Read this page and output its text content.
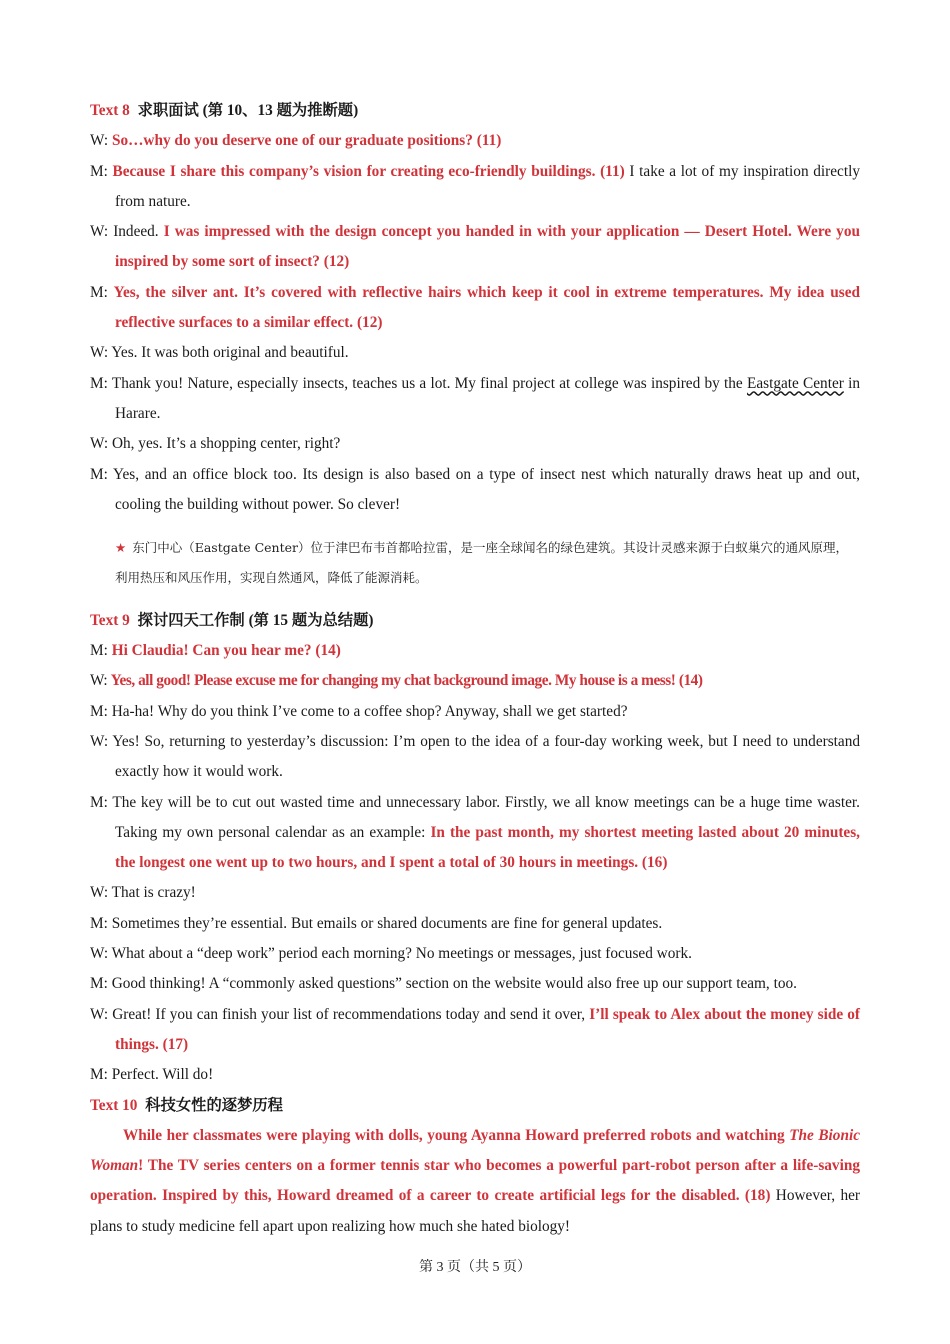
Text 8 求职面试 (第 10、13 题为推断题)

W: So…why do you deserve one of our graduate positions? (11)

M: Because I share this company’s vision for creating eco-friendly buildings. (11) I take a lot of my inspiration directly from nature.

W: Indeed. I was impressed with the design concept you handed in with your application — Desert Hotel. Were you inspired by some sort of insect? (12)

M: Yes, the silver ant. It’s covered with reflective hairs which keep it cool in extreme temperatures. My idea used reflective surfaces to a similar effect. (12)

W: Yes. It was both original and beautiful.

M: Thank you! Nature, especially insects, teaches us a lot. My final project at college was inspired by the Eastgate Center in Harare.

W: Oh, yes. It’s a shopping center, right?

M: Yes, and an office block too. Its design is also based on a type of insect nest which naturally draws heat up and out, cooling the building without power. So clever!

★ 东门中心（Eastgate Center）位于津巴布韦首都哈拉雷，是一座全球闻名的绿色建筑。其设计灵感来源于白蚁巢穴的通风原理，利用热压和风压作用，实现自然通风，降低了能源消耗。

Text 9 探讨四天工作制 (第 15 题为总结题)

M: Hi Claudia! Can you hear me? (14)

W: Yes, all good! Please excuse me for changing my chat background image. My house is a mess! (14)

M: Ha-ha! Why do you think I’ve come to a coffee shop? Anyway, shall we get started?

W: Yes! So, returning to yesterday’s discussion: I’m open to the idea of a four-day working week, but I need to understand exactly how it would work.

M: The key will be to cut out wasted time and unnecessary labor. Firstly, we all know meetings can be a huge time waster. Taking my own personal calendar as an example: In the past month, my shortest meeting lasted about 20 minutes, the longest one went up to two hours, and I spent a total of 30 hours in meetings. (16)

W: That is crazy!

M: Sometimes they’re essential. But emails or shared documents are fine for general updates.

W: What about a “deep work” period each morning? No meetings or messages, just focused work.

M: Good thinking! A “commonly asked questions” section on the website would also free up our support team, too.

W: Great! If you can finish your list of recommendations today and send it over, I’ll speak to Alex about the money side of things. (17)

M: Perfect. Will do!

Text 10 科技女性的逐梦历程

While her classmates were playing with dolls, young Ayanna Howard preferred robots and watching The Bionic Woman! The TV series centers on a former tennis star who becomes a powerful part-robot person after a life-saving operation. Inspired by this, Howard dreamed of a career to create artificial legs for the disabled. (18) However, her plans to study medicine fell apart upon realizing how much she hated biology!

第 3 页（共 5 页）
